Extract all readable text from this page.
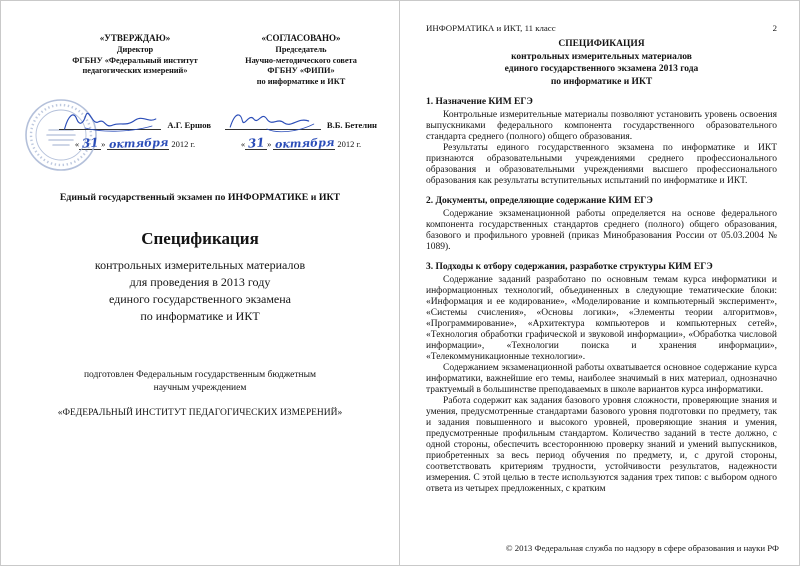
«УТВЕРЖДАЮ»
Директор
ФГБНУ «Федеральный институт
педагогических измерений»
А.Г. Ершов
« 31 » октября 2012 г.
«СОГЛАСОВАНО»
Председатель
Научно-методического совета
ФГБНУ «ФИПИ»
по информатике и ИКТ
В.Б. Бетелин
« 31 » октября 2012 г.
Единый государственный экзамен по ИНФОРМАТИКЕ и ИКТ
Спецификация
контрольных измерительных материалов
для проведения в 2013 году
единого государственного экзамена
по информатике и ИКТ
подготовлен Федеральным государственным бюджетным
научным учреждением
«ФЕДЕРАЛЬНЫЙ ИНСТИТУТ ПЕДАГОГИЧЕСКИХ ИЗМЕРЕНИЙ»
ИНФОРМАТИКА и ИКТ, 11 класс	2
СПЕЦИФИКАЦИЯ
контрольных измерительных материалов
единого государственного экзамена 2013 года
по информатике и ИКТ
1. Назначение КИМ ЕГЭ

Контрольные измерительные материалы позволяют установить уровень освоения выпускниками федерального компонента государственного образовательного стандарта среднего (полного) общего образования.

Результаты единого государственного экзамена по информатике и ИКТ признаются образовательными учреждениями среднего профессионального образования и образовательными учреждениями высшего профессионального образования как результаты вступительных испытаний по информатике и ИКТ.

2. Документы, определяющие содержание КИМ ЕГЭ

Содержание экзаменационной работы определяется на основе федерального компонента государственных стандартов среднего (полного) общего образования, базового и профильного уровней (приказ Минобразования России от 05.03.2004 № 1089).

3. Подходы к отбору содержания, разработке структуры КИМ ЕГЭ

Содержание заданий разработано по основным темам курса информатики и информационных технологий, объединенных в следующие тематические блоки: «Информация и ее кодирование», «Моделирование и компьютерный эксперимент», «Системы счисления», «Основы логики», «Элементы теории алгоритмов», «Программирование», «Архитектура компьютеров и компьютерных сетей», «Технология обработки графической и звуковой информации», «Обработка числовой информации», «Технологии поиска и хранения информации», «Телекоммуникационные технологии».

Содержанием экзаменационной работы охватывается основное содержание курса информатики, важнейшие его темы, наиболее значимый в них материал, однозначно трактуемый в большинстве преподаваемых в школе вариантов курса информатики.

Работа содержит как задания базового уровня сложности, проверяющие знания и умения, предусмотренные стандартами базового уровня подготовки по предмету, так и задания повышенного и высокого уровней, проверяющие знания и умения, предусмотренные профильным стандартом. Количество заданий в тесте должно, с одной стороны, обеспечить всестороннюю проверку знаний и умений выпускников, приобретенных за весь период обучения по предмету, и, с другой стороны, соответствовать критериям трудности, устойчивости результатов, надежности измерения. С этой целью в тесте используются задания трех типов: с выбором одного ответа из четырех предложенных, с кратким

© 2013 Федеральная служба по надзору в сфере образования и науки РФ
